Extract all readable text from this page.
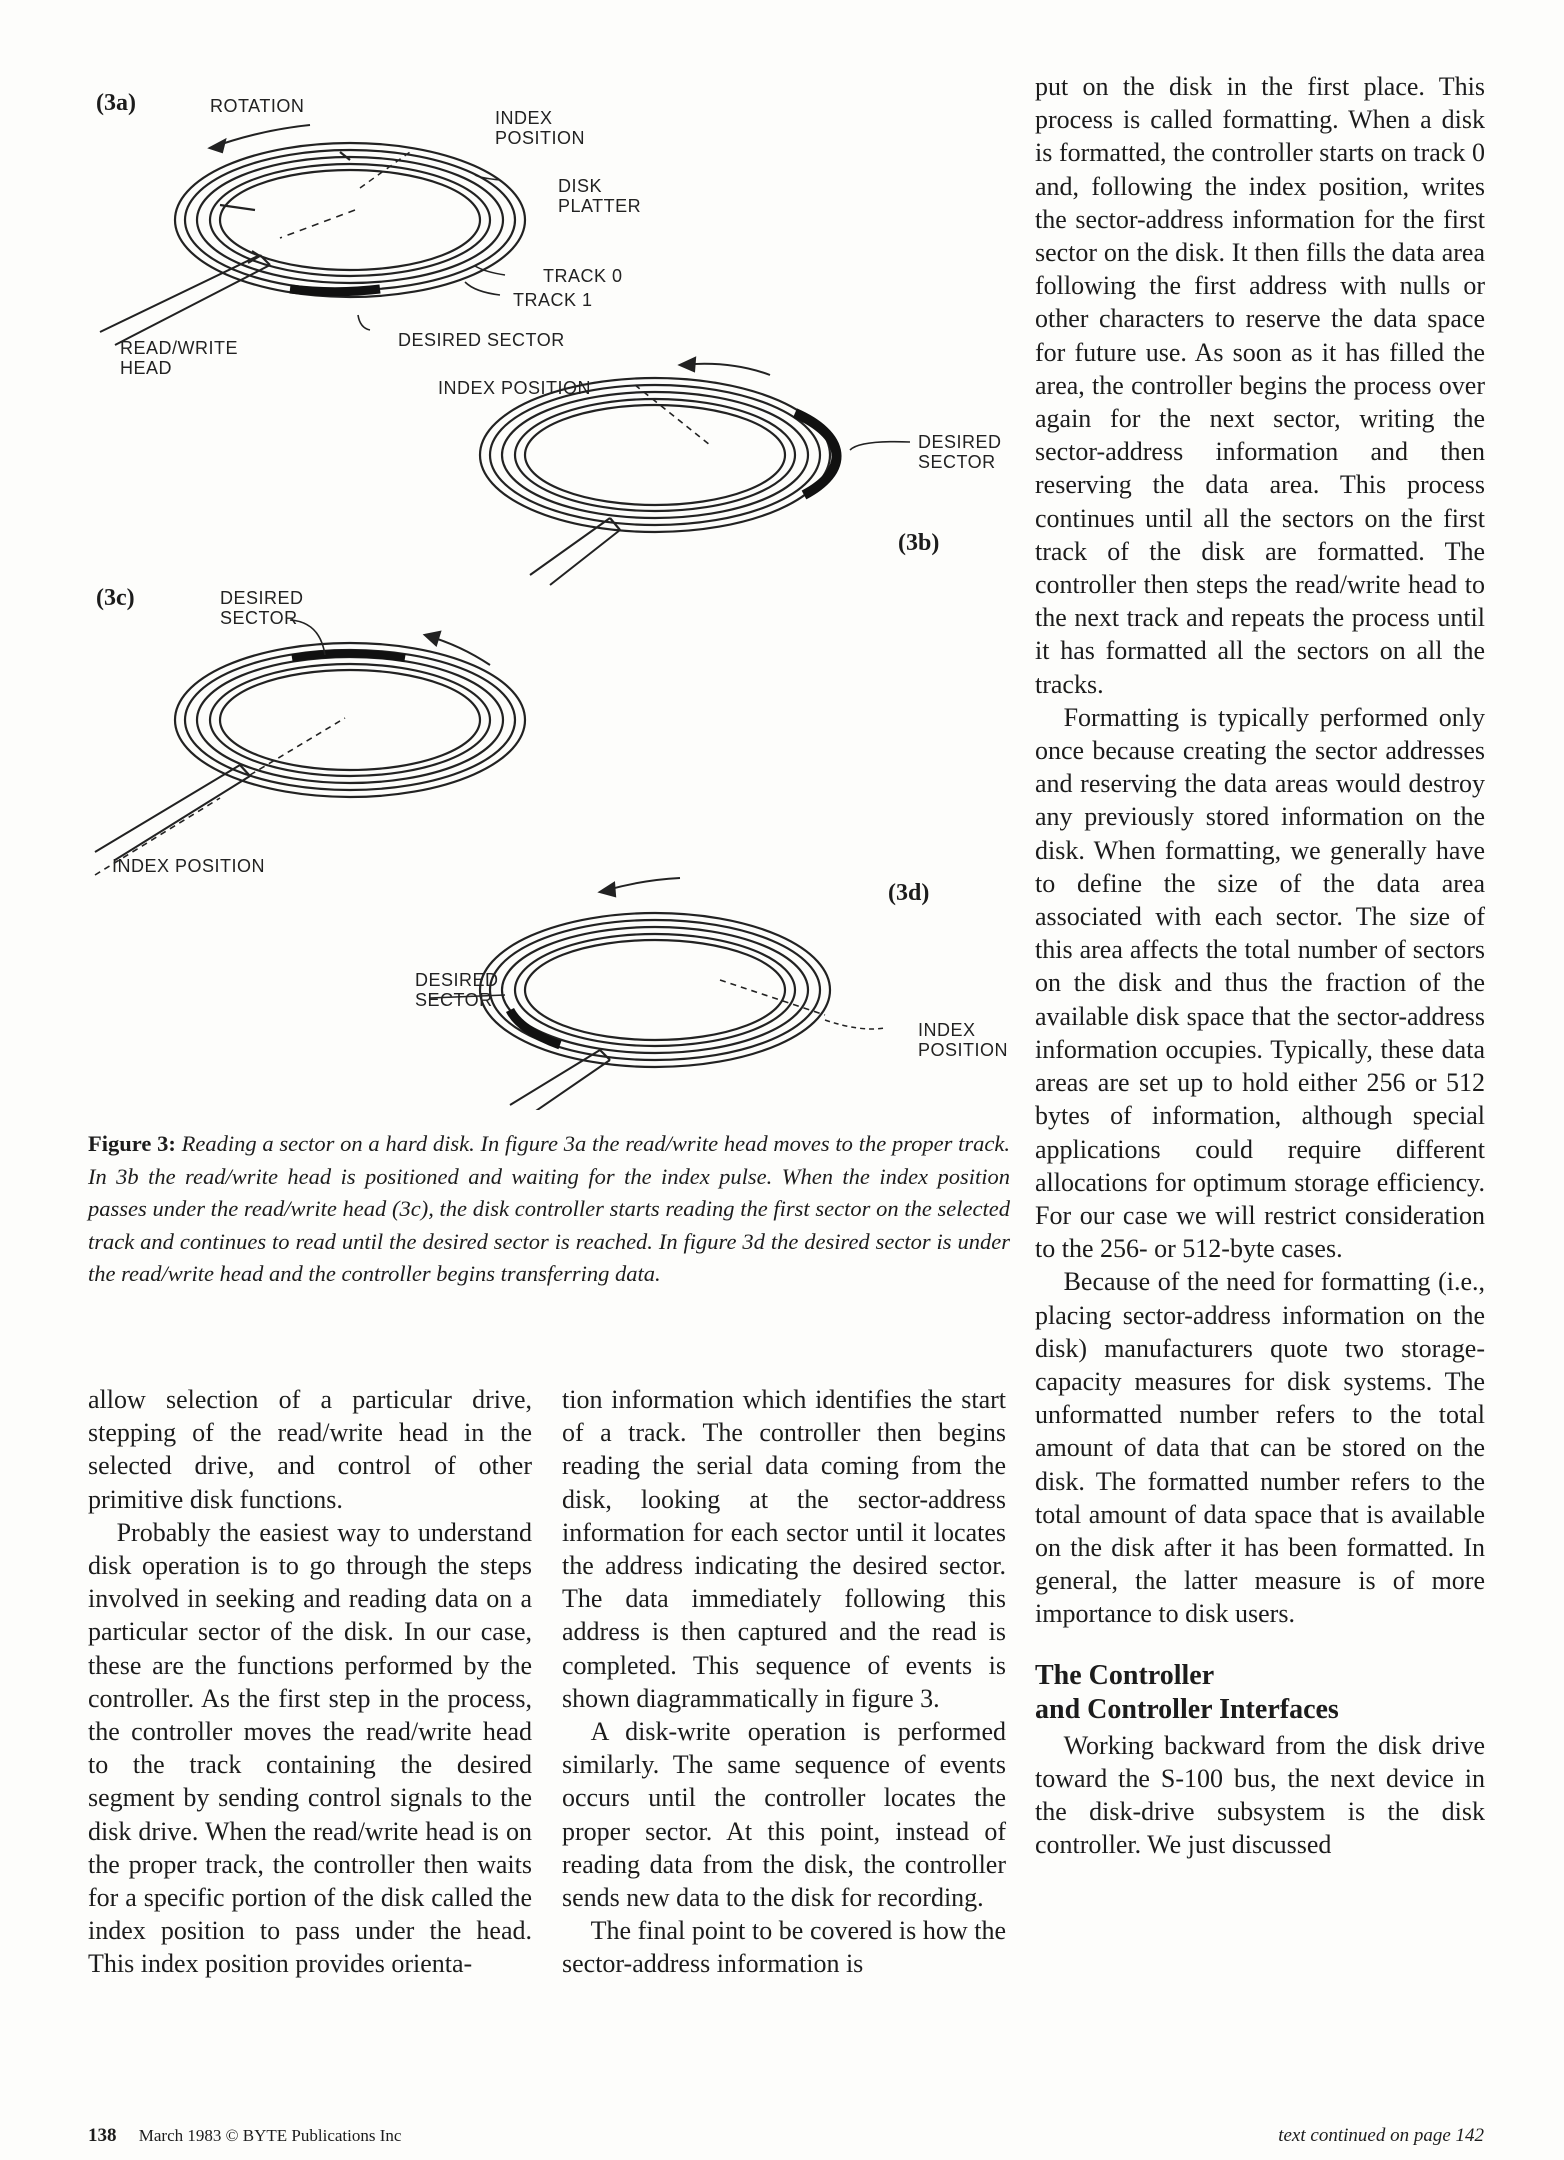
(3a)	ROTATION
INDEX
POSITION
DISK
PLATTER
TRACK 0
TRACK 1
READ/WRITE
HEAD
DESIRED SECTOR
INDEX POSITION
DESIRED
SECTOR
(3b)
(3c)	DESIRED
SECTOR
INDEX POSITION
(3d)
DESIRED
SECTOR
INDEX
POSITION
Figure 3: Reading a sector on a hard disk. In figure 3a the read/write head moves to the proper track. In 3b the read/write head is positioned and waiting for the index pulse. When the index position passes under the read/write head (3c), the disk controller starts reading the first sector on the selected track and continues to read until the desired sector is reached. In figure 3d the desired sector is under the read/write head and the controller begins transferring data.

allow selection of a particular drive, stepping of the read/write head in the selected drive, and control of other primitive disk functions.

Probably the easiest way to understand disk operation is to go through the steps involved in seeking and reading data on a particular sector of the disk. In our case, these are the functions performed by the controller. As the first step in the process, the controller moves the read/write head to the track containing the desired segment by sending control signals to the disk drive. When the read/write head is on the proper track, the controller then waits for a specific portion of the disk called the index position to pass under the head. This index position provides orienta-

tion information which identifies the start of a track. The controller then begins reading the serial data coming from the disk, looking at the sector-address information for each sector until it locates the address indicating the desired sector. The data immediately following this address is then captured and the read is completed. This sequence of events is shown diagrammatically in figure 3.

A disk-write operation is performed similarly. The same sequence of events occurs until the controller locates the proper sector. At this point, instead of reading data from the disk, the controller sends new data to the disk for recording.

The final point to be covered is how the sector-address information is

put on the disk in the first place. This process is called formatting. When a disk is formatted, the controller starts on track 0 and, following the index position, writes the sector-address information for the first sector on the disk. It then fills the data area following the first address with nulls or other characters to reserve the data space for future use. As soon as it has filled the area, the controller begins the process over again for the next sector, writing the sector-address information and then reserving the data area. This process continues until all the sectors on the first track of the disk are formatted. The controller then steps the read/write head to the next track and repeats the process until it has formatted all the sectors on all the tracks.

Formatting is typically performed only once because creating the sector addresses and reserving the data areas would destroy any previously stored information on the disk. When formatting, we generally have to define the size of the data area associated with each sector. The size of this area affects the total number of sectors on the disk and thus the fraction of the available disk space that the sector-address information occupies. Typically, these data areas are set up to hold either 256 or 512 bytes of information, although special applications could require different allocations for optimum storage efficiency. For our case we will restrict consideration to the 256- or 512-byte cases.

Because of the need for formatting (i.e., placing sector-address information on the disk) manufacturers quote two storage-capacity measures for disk systems. The unformatted number refers to the total amount of data that can be stored on the disk. The formatted number refers to the total amount of data space that is available on the disk after it has been formatted. In general, the latter measure is of more importance to disk users.

The Controller
and Controller Interfaces

Working backward from the disk drive toward the S-100 bus, the next device in the disk-drive subsystem is the disk controller. We just discussed

138 March 1983 © BYTE Publications Inc	text continued on page 142
